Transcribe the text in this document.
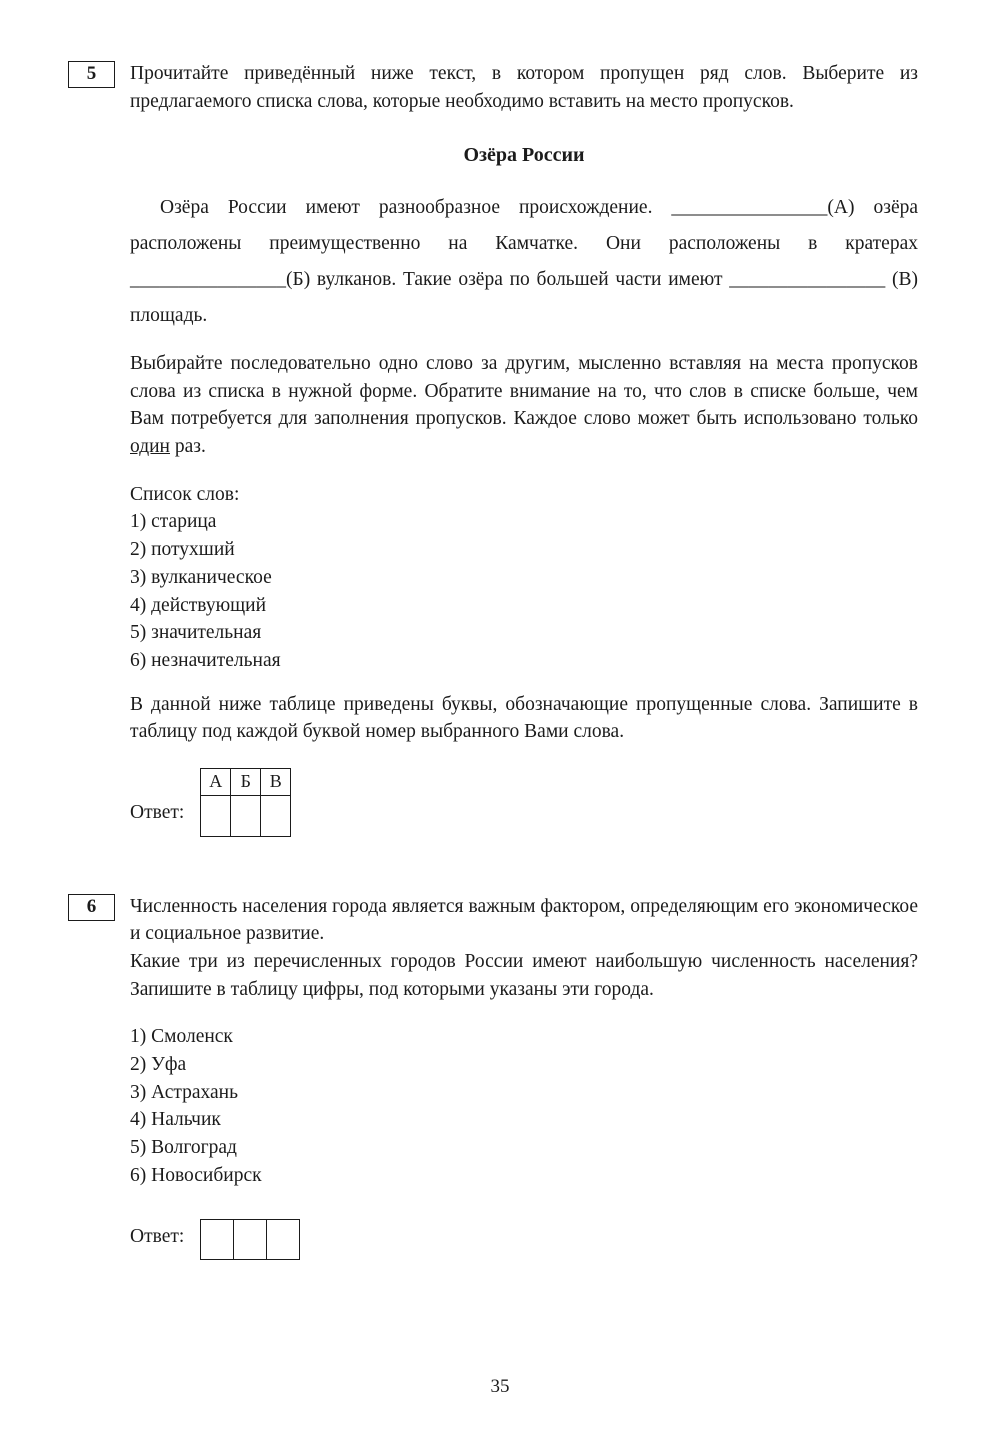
5 Прочитайте приведённый ниже текст, в котором пропущен ряд слов. Выберите из предлагаемого списка слова, которые необходимо вставить на место пропусков.

Озёра России

Озёра России имеют разнообразное происхождение. ________________(А) озёра расположены преимущественно на Камчатке. Они расположены в кратерах ________________(Б) вулканов. Такие озёра по большей части имеют ________________ (В) площадь.

Выбирайте последовательно одно слово за другим, мысленно вставляя на места пропусков слова из списка в нужной форме. Обратите внимание на то, что слов в списке больше, чем Вам потребуется для заполнения пропусков. Каждое слово может быть использовано только один раз.

Список слов:

1) старица
2) потухший
3) вулканическое
4) действующий
5) значительная
6) незначительная

В данной ниже таблице приведены буквы, обозначающие пропущенные слова. Запишите в таблицу под каждой буквой номер выбранного Вами слова.

Ответ:
А	Б	В

6 Численность населения города является важным фактором, определяющим его экономическое и социальное развитие.

Какие три из перечисленных городов России имеют наибольшую численность населения? Запишите в таблицу цифры, под которыми указаны эти города.

1) Смоленск
2) Уфа
3) Астрахань
4) Нальчик
5) Волгоград
6) Новосибирск
Ответ:

35
